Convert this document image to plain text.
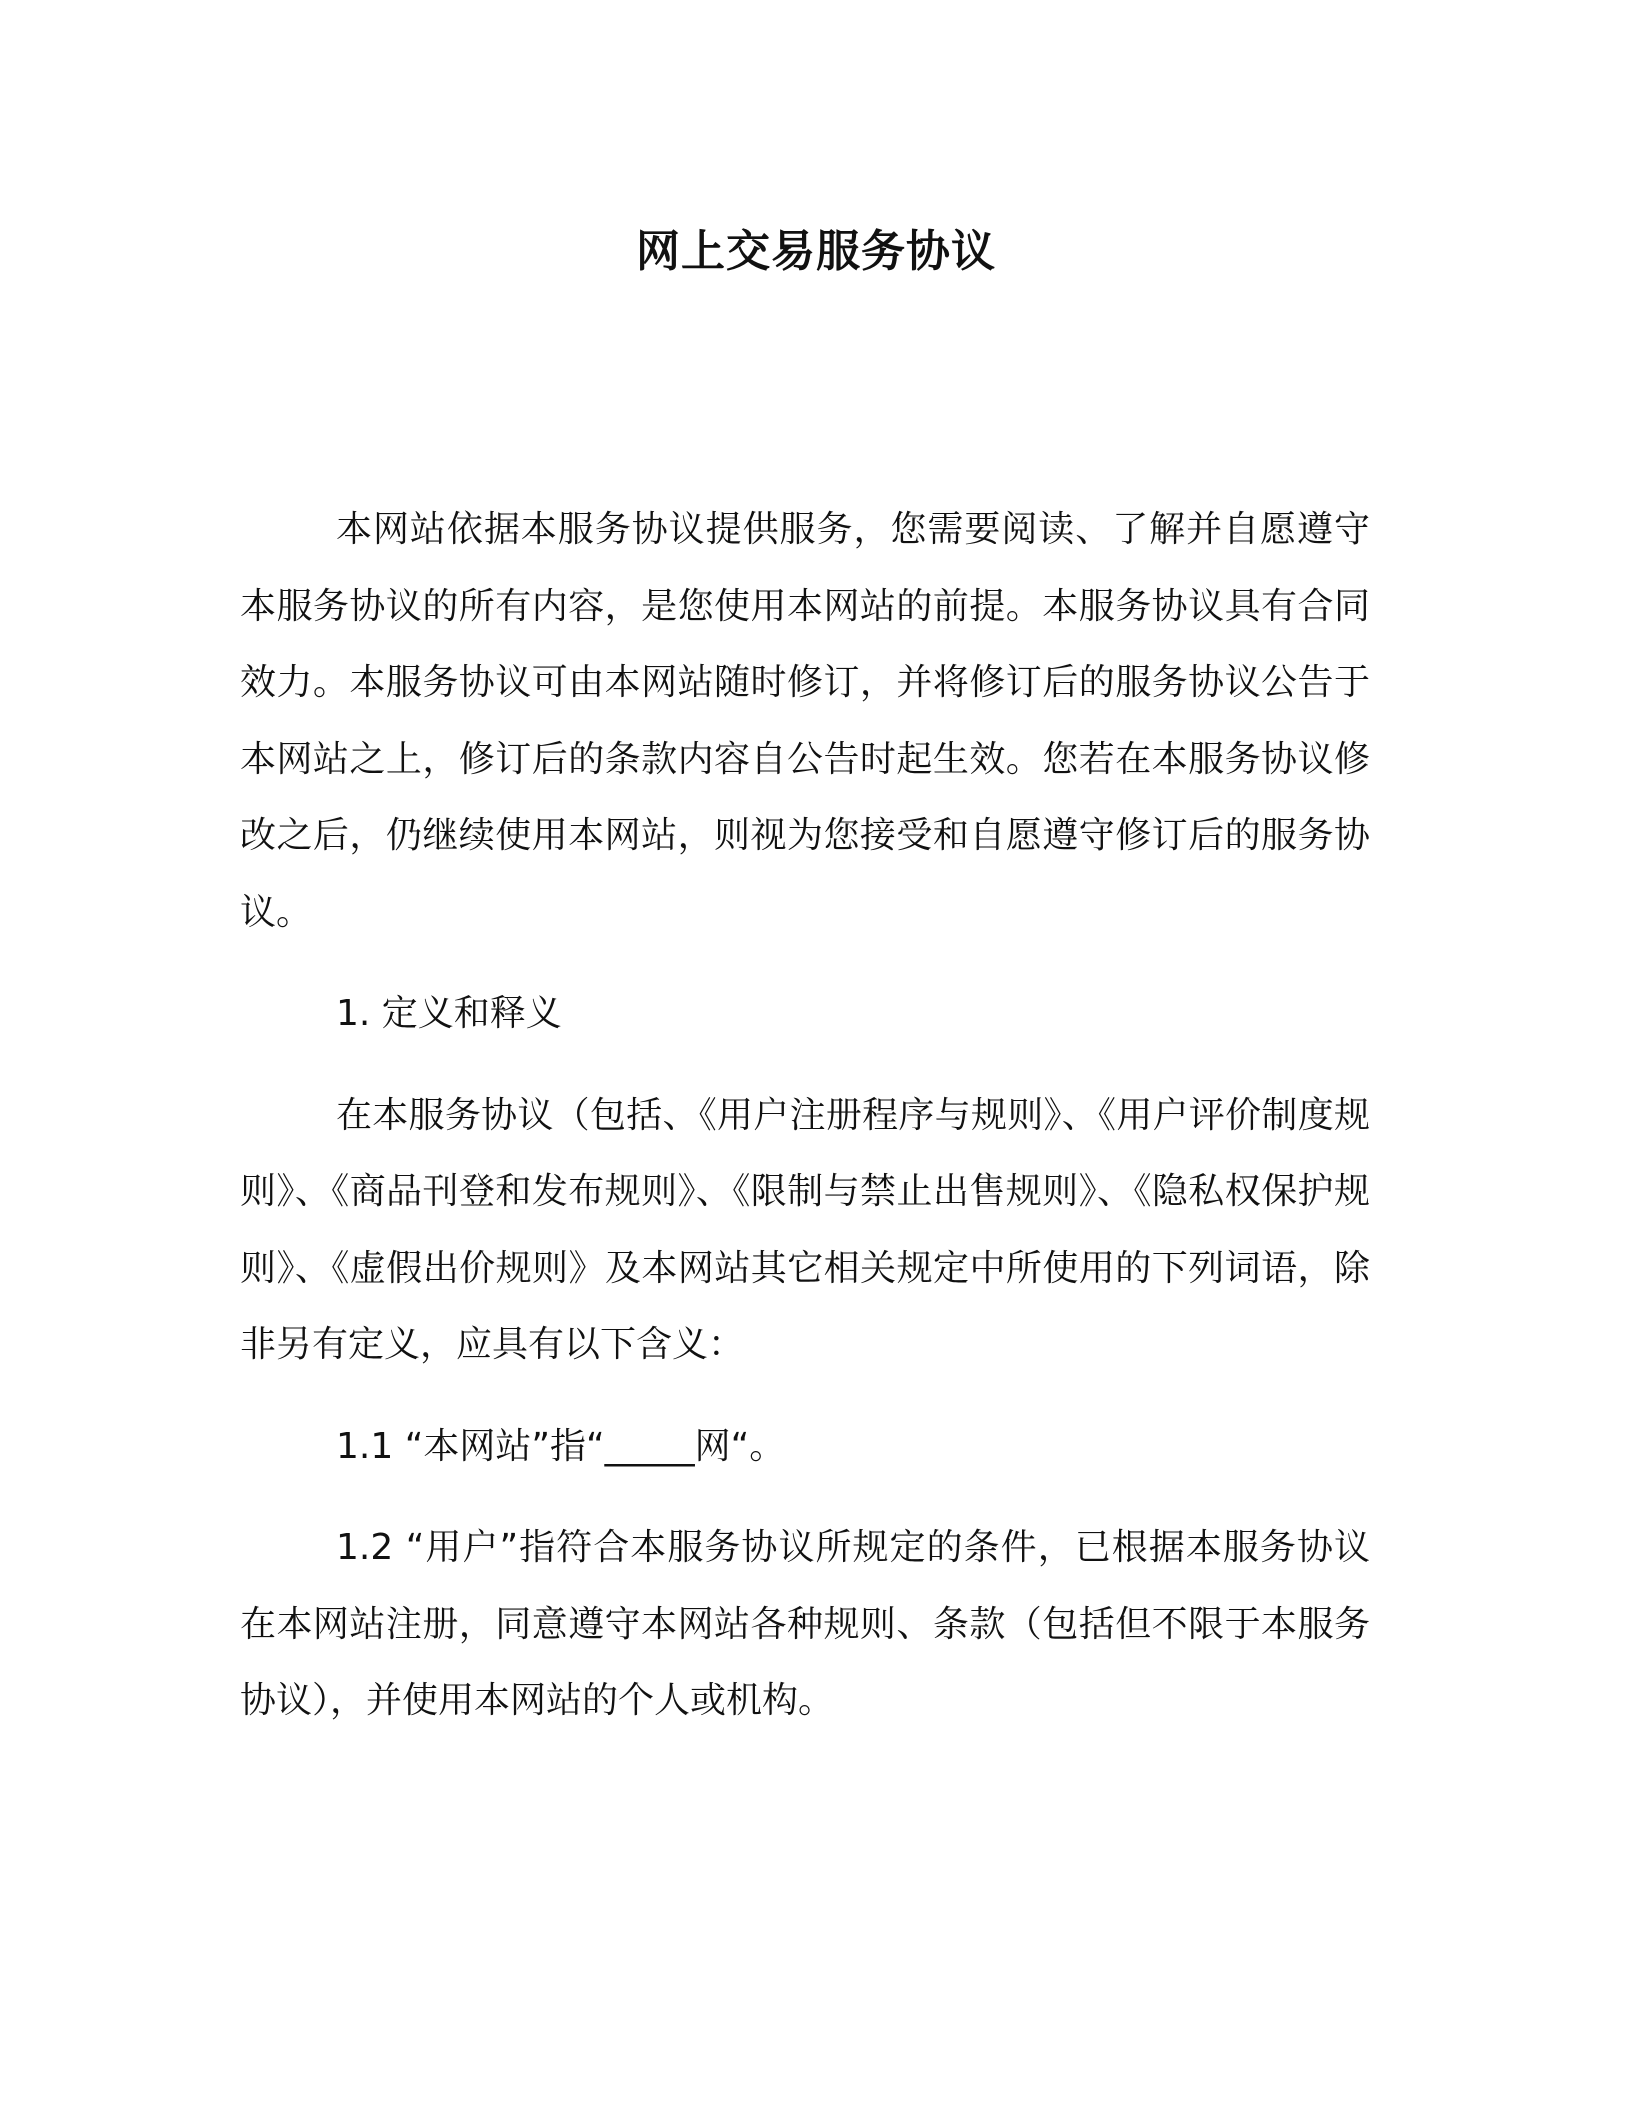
网上交易服务协议

本网站依据本服务协议提供服务，您需要阅读、了解并自愿遵守本服务协议的所有内容，是您使用本网站的前提。本服务协议具有合同效力。本服务协议可由本网站随时修订，并将修订后的服务协议公告于本网站之上，修订后的条款内容自公告时起生效。您若在本服务协议修改之后，仍继续使用本网站，则视为您接受和自愿遵守修订后的服务协议。

1. 定义和释义

在本服务协议（包括、《用户注册程序与规则》、《用户评价制度规则》、《商品刊登和发布规则》、《限制与禁止出售规则》、《隐私权保护规则》、《虚假出价规则》及本网站其它相关规定中所使用的下列词语，除非另有定义，应具有以下含义：

1.1 “本网站”指“_____网“。

1.2 “用户”指符合本服务协议所规定的条件，已根据本服务协议在本网站注册，同意遵守本网站各种规则、条款（包括但不限于本服务协议），并使用本网站的个人或机构。
